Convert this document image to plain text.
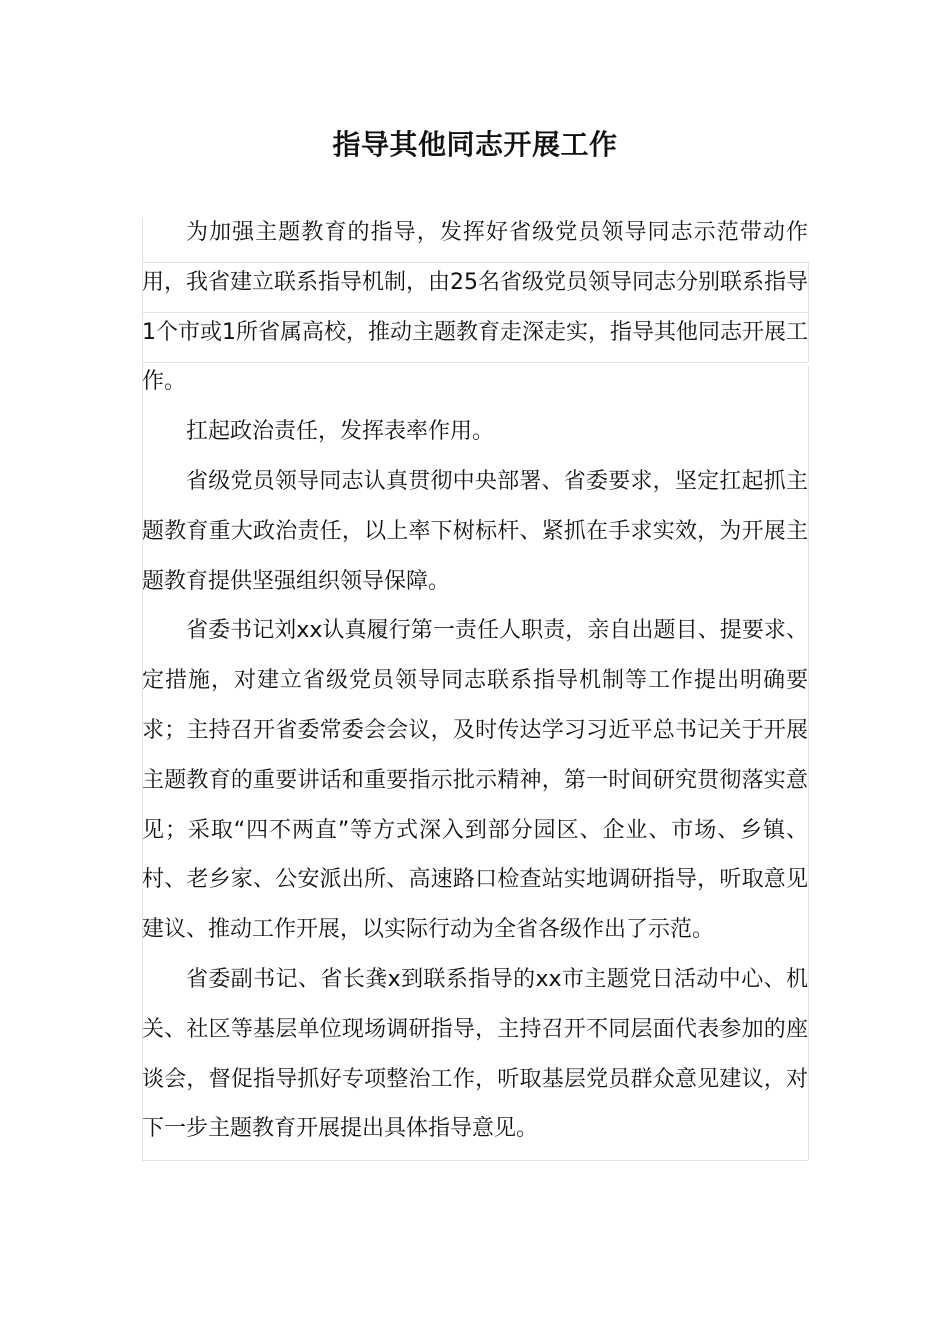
指导其他同志开展工作

为加强主题教育的指导，发挥好省级党员领导同志示范带动作用，我省建立联系指导机制，由25名省级党员领导同志分别联系指导1个市或1所省属高校，推动主题教育走深走实，指导其他同志开展工作。

扛起政治责任，发挥表率作用。

省级党员领导同志认真贯彻中央部署、省委要求，坚定扛起抓主题教育重大政治责任，以上率下树标杆、紧抓在手求实效，为开展主题教育提供坚强组织领导保障。

省委书记刘xx认真履行第一责任人职责，亲自出题目、提要求、定措施，对建立省级党员领导同志联系指导机制等工作提出明确要求；主持召开省委常委会会议，及时传达学习习近平总书记关于开展主题教育的重要讲话和重要指示批示精神，第一时间研究贯彻落实意见；采取“四不两直”等方式深入到部分园区、企业、市场、乡镇、村、老乡家、公安派出所、高速路口检查站实地调研指导，听取意见建议、推动工作开展，以实际行动为全省各级作出了示范。

省委副书记、省长龚x到联系指导的xx市主题党日活动中心、机关、社区等基层单位现场调研指导，主持召开不同层面代表参加的座谈会，督促指导抓好专项整治工作，听取基层党员群众意见建议，对下一步主题教育开展提出具体指导意见。
